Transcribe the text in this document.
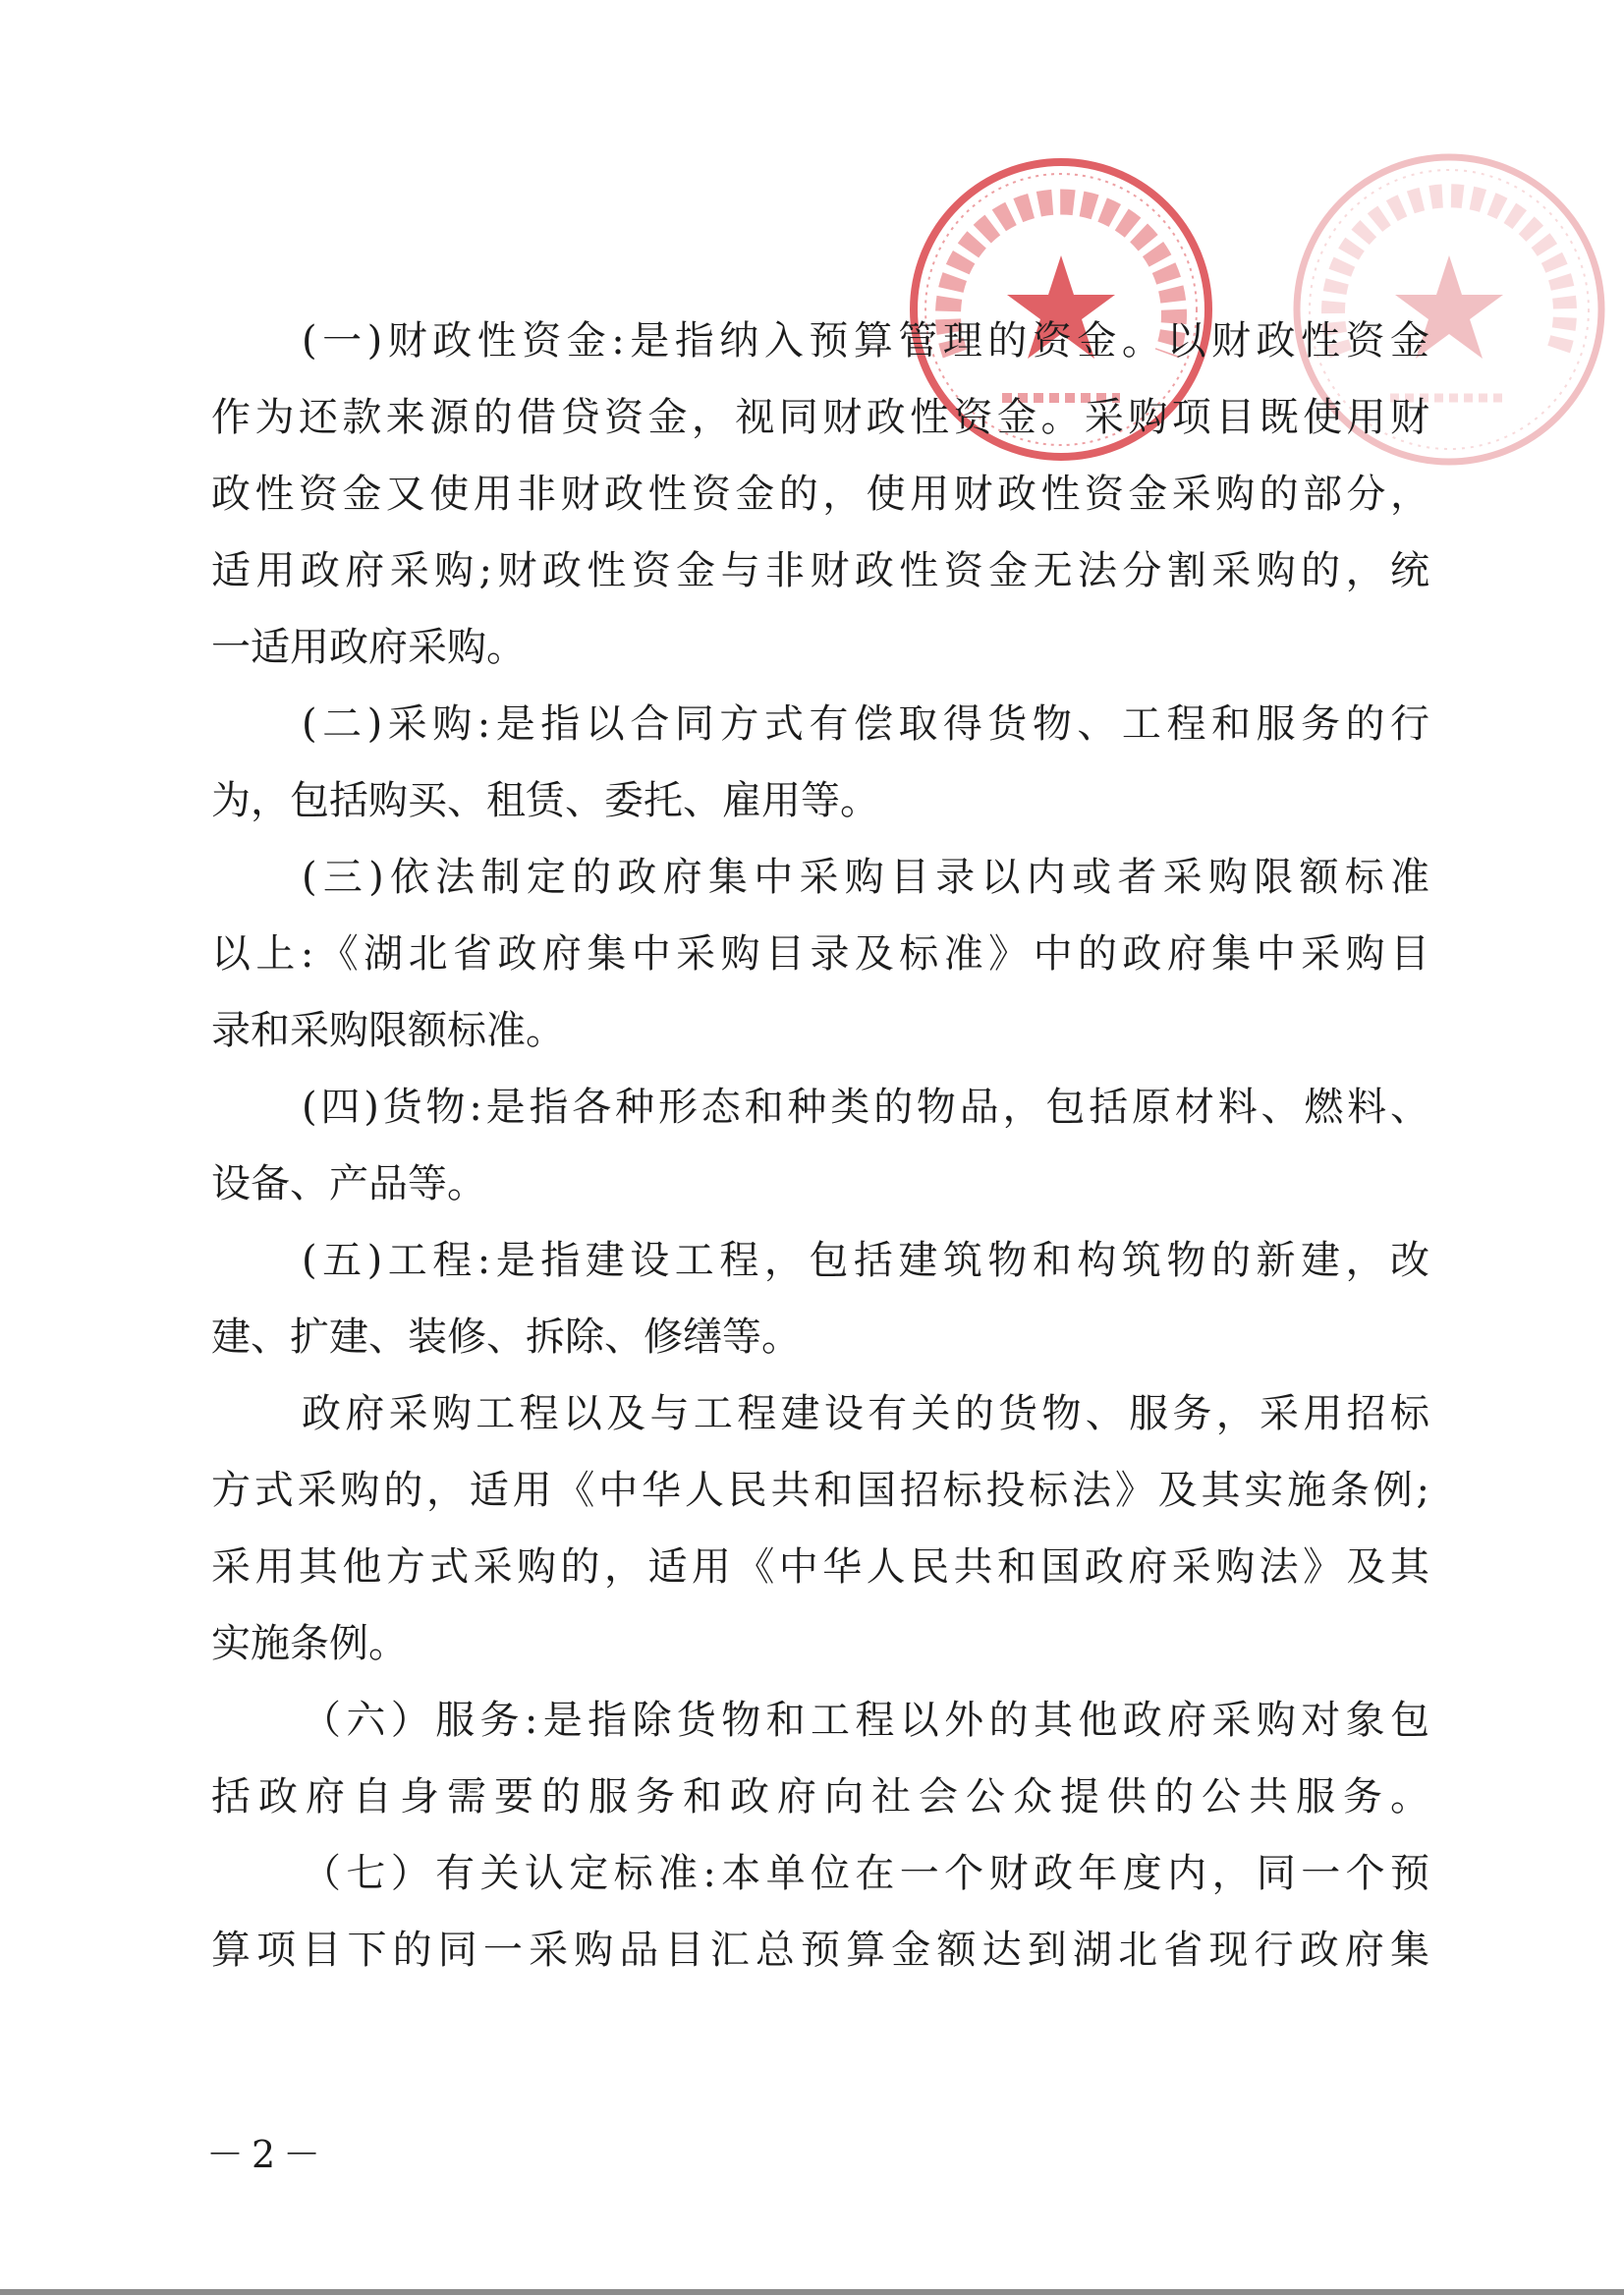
(一)财政性资金:是指纳入预算管理的资金。以财政性资金
作为还款来源的借贷资金，视同财政性资金。采购项目既使用财
政性资金又使用非财政性资金的，使用财政性资金采购的部分，
适用政府采购;财政性资金与非财政性资金无法分割采购的，统
一适用政府采购。
(二)采购:是指以合同方式有偿取得货物、工程和服务的行
为，包括购买、租赁、委托、雇用等。
(三)依法制定的政府集中采购目录以内或者采购限额标准
以上:《湖北省政府集中采购目录及标准》中的政府集中采购目
录和采购限额标准。
(四)货物:是指各种形态和种类的物品，包括原材料、燃料、
设备、产品等。
(五)工程:是指建设工程，包括建筑物和构筑物的新建，改
建、扩建、装修、拆除、修缮等。
政府采购工程以及与工程建设有关的货物、服务，采用招标
方式采购的，适用《中华人民共和国招标投标法》及其实施条例;
采用其他方式采购的，适用《中华人民共和国政府采购法》及其
实施条例。
（六）服务:是指除货物和工程以外的其他政府采购对象包
括政府自身需要的服务和政府向社会公众提供的公共服务。
（七）有关认定标准:本单位在一个财政年度内，同一个预
算项目下的同一采购品目汇总预算金额达到湖北省现行政府集
－2－
